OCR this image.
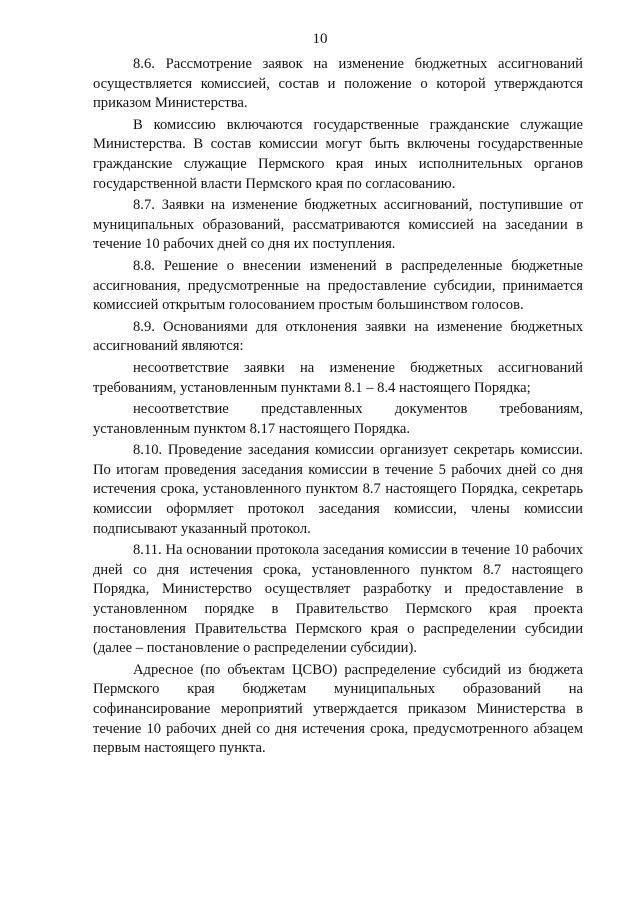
10

8.6. Рассмотрение заявок на изменение бюджетных ассигнований осуществляется комиссией, состав и положение о которой утверждаются приказом Министерства.

В комиссию включаются государственные гражданские служащие Министерства. В состав комиссии могут быть включены государственные гражданские служащие Пермского края иных исполнительных органов государственной власти Пермского края по согласованию.

8.7. Заявки на изменение бюджетных ассигнований, поступившие от муниципальных образований, рассматриваются комиссией на заседании в течение 10 рабочих дней со дня их поступления.

8.8. Решение о внесении изменений в распределенные бюджетные ассигнования, предусмотренные на предоставление субсидии, принимается комиссией открытым голосованием простым большинством голосов.

8.9. Основаниями для отклонения заявки на изменение бюджетных ассигнований являются:

несоответствие заявки на изменение бюджетных ассигнований требованиям, установленным пунктами 8.1 – 8.4 настоящего Порядка;

несоответствие представленных документов требованиям, установленным пунктом 8.17 настоящего Порядка.

8.10. Проведение заседания комиссии организует секретарь комиссии. По итогам проведения заседания комиссии в течение 5 рабочих дней со дня истечения срока, установленного пунктом 8.7 настоящего Порядка, секретарь комиссии оформляет протокол заседания комиссии, члены комиссии подписывают указанный протокол.

8.11. На основании протокола заседания комиссии в течение 10 рабочих дней со дня истечения срока, установленного пунктом 8.7 настоящего Порядка, Министерство осуществляет разработку и предоставление в установленном порядке в Правительство Пермского края проекта постановления Правительства Пермского края о распределении субсидии (далее – постановление о распределении субсидии).

Адресное (по объектам ЦСВО) распределение субсидий из бюджета Пермского края бюджетам муниципальных образований на софинансирование мероприятий утверждается приказом Министерства в течение 10 рабочих дней со дня истечения срока, предусмотренного абзацем первым настоящего пункта.
